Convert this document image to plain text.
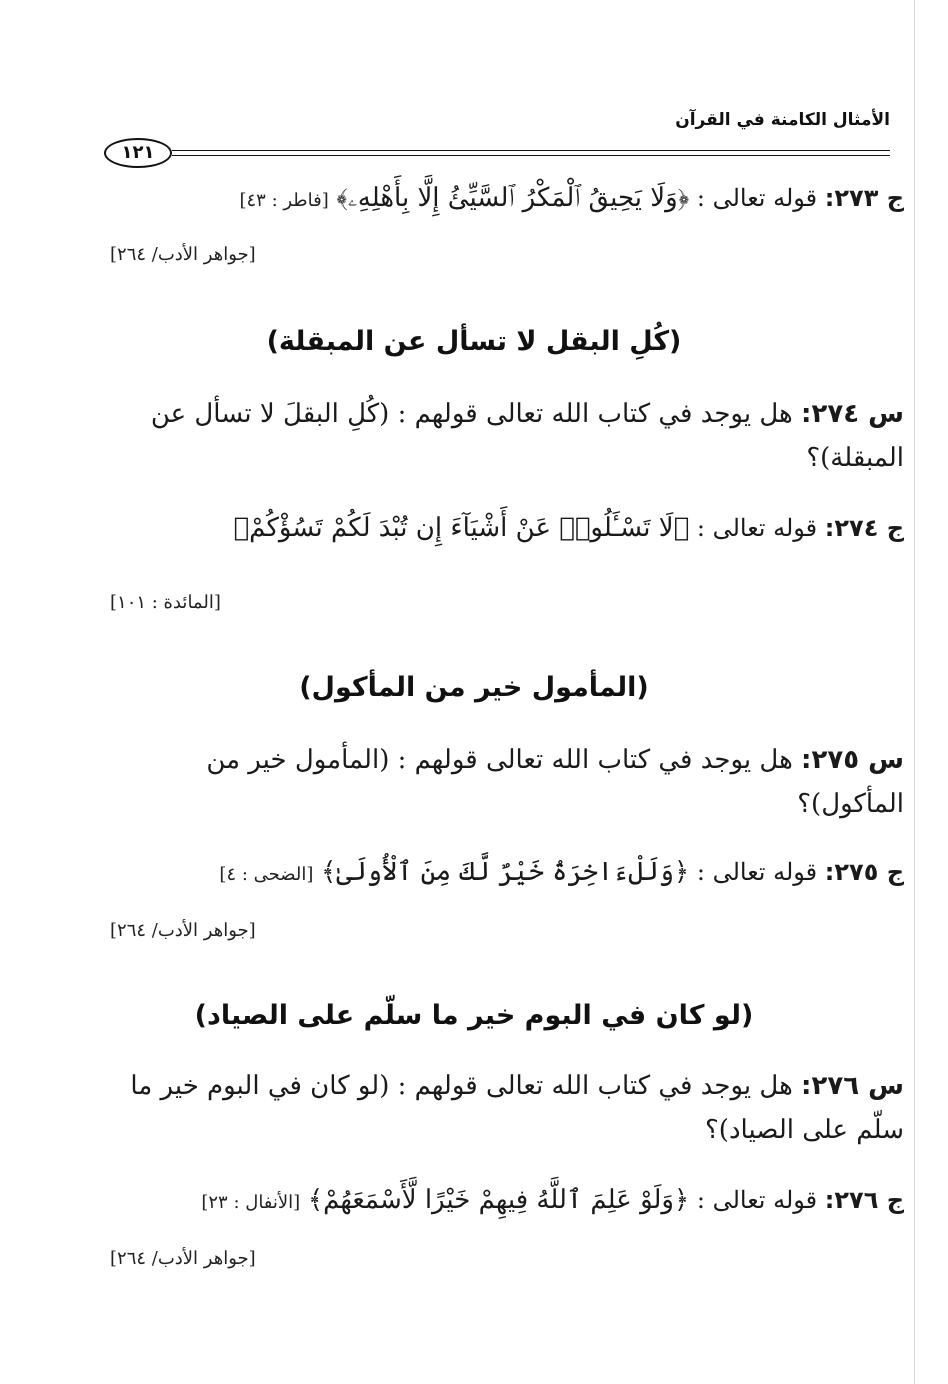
الأمثال الكامنة في القرآن
١٢١
ج ٢٧٣: قوله تعالى : ﴿وَلَا يَحِيقُ ٱلْمَكْرُ ٱلسَّيِّئُ إِلَّا بِأَهْلِهِۦ﴾ [فاطر : ٤٣]
[جواهر الأدب/ ٢٦٤]
(كُلِ البقل لا تسأل عن المبقلة)
س ٢٧٤: هل يوجد في كتاب الله تعالى قولهم : (كُلِ البقلَ لا تسأل عن المبقلة)؟
ج ٢٧٤: قوله تعالى : ﴿لَا تَسْـَٔلُوا۟ عَنْ أَشْيَآءَ إِن تُبْدَ لَكُمْ تَسُؤْكُمْ﴾
[المائدة : ١٠١]
(المأمول خير من المأكول)
س ٢٧٥: هل يوجد في كتاب الله تعالى قولهم : (المأمول خير من المأكول)؟
ج ٢٧٥: قوله تعالى : ﴿وَلَلْءَاخِرَةُ خَيْرٌ لَّكَ مِنَ ٱلْأُولَىٰ﴾ [الضحى : ٤]
[جواهر الأدب/ ٢٦٤]
(لو كان في البوم خير ما سلّم على الصياد)
س ٢٧٦: هل يوجد في كتاب الله تعالى قولهم : (لو كان في البوم خير ما سلّم على الصياد)؟
ج ٢٧٦: قوله تعالى : ﴿وَلَوْ عَلِمَ ٱللَّهُ فِيهِمْ خَيْرًا لَّأَسْمَعَهُمْ﴾ [الأنفال : ٢٣]
[جواهر الأدب/ ٢٦٤]
